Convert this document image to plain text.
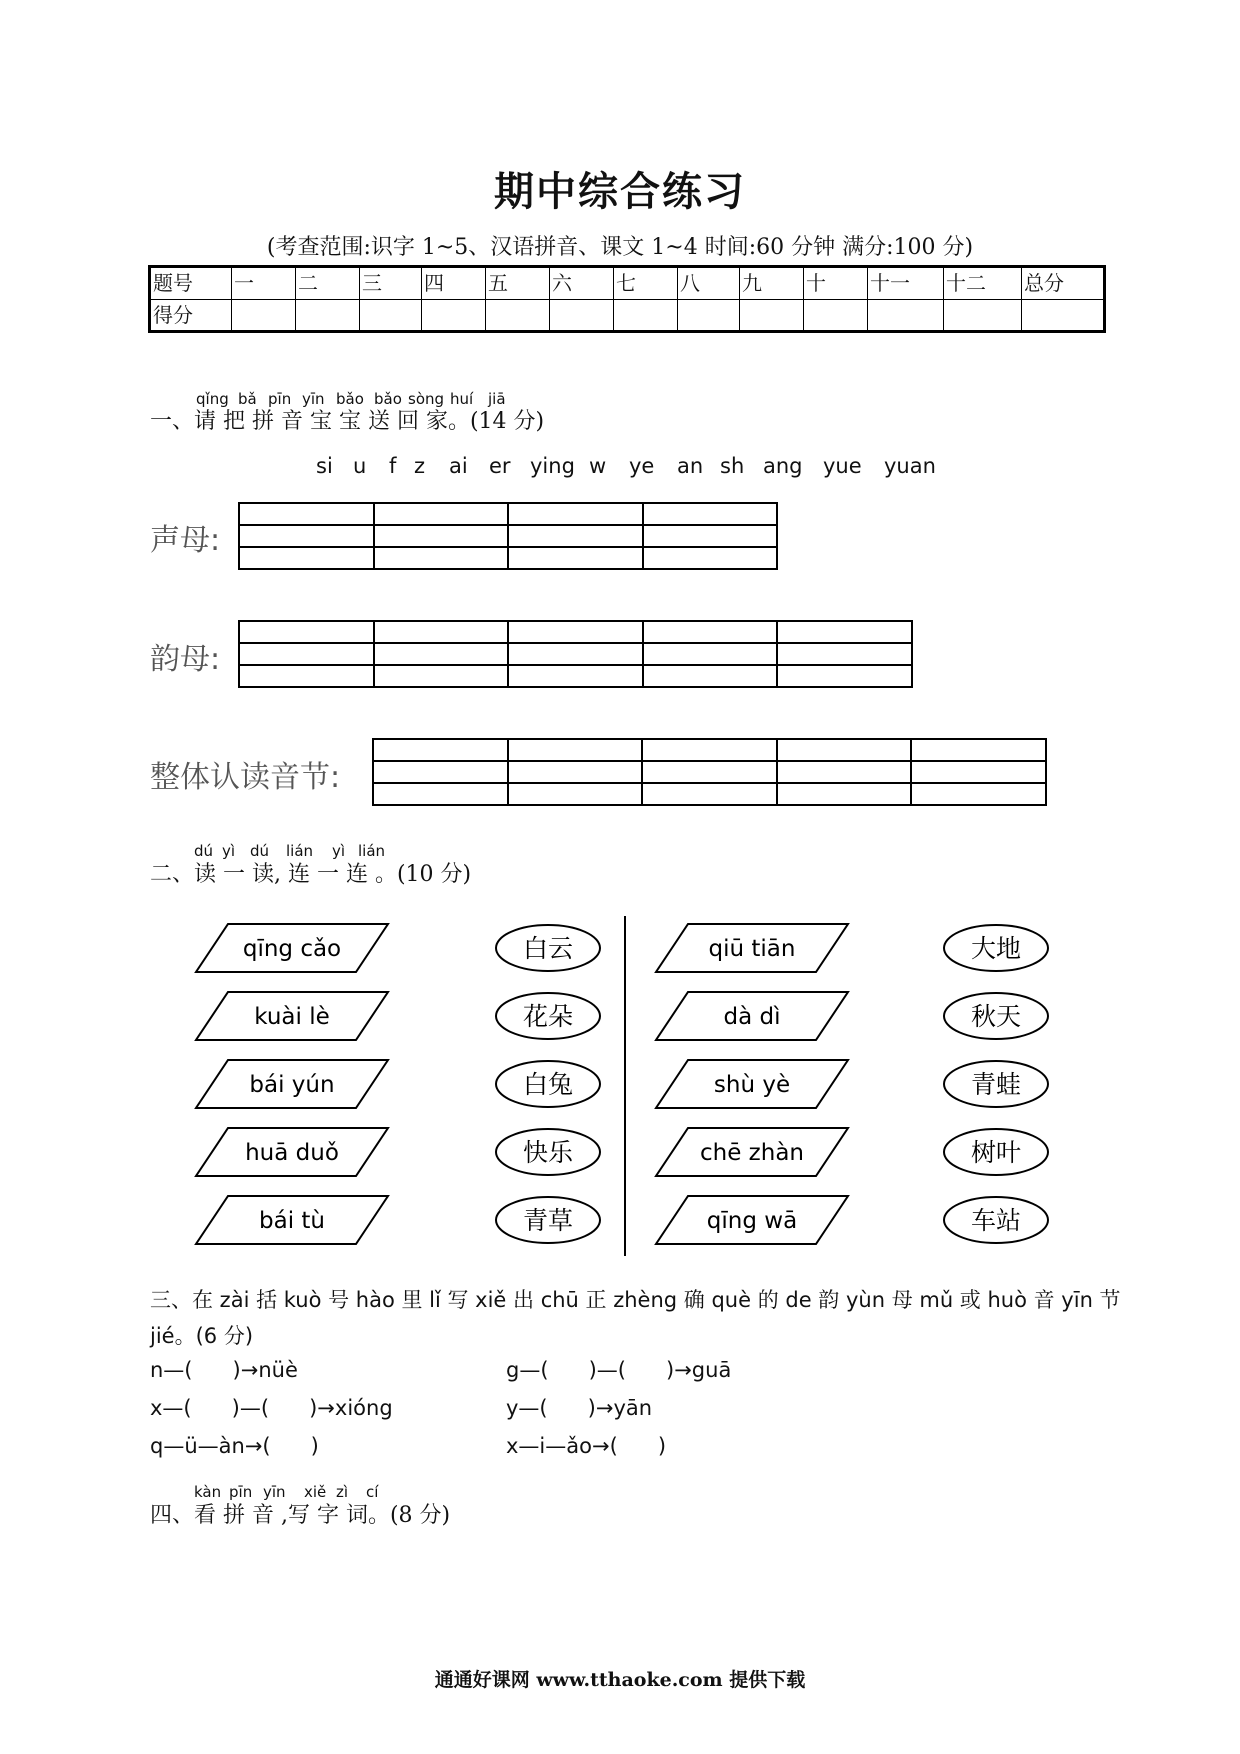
期中综合练习
(考查范围:识字 1~5、汉语拼音、课文 1~4 时间:60 分钟 满分:100 分)
题号	一	二	三	四	五	六	七	八	九	十	十一	十二	总分
得分													
qǐng bǎ pīn yīn bǎo bǎo sòng huí jiā
一、请 把 拼 音 宝 宝 送 回 家。(14 分)
si u f z ai er ying w ye an sh ang yue yuan
声母:

韵母:

整体认读音节:

dú yì dú lián yì lián
二、读 一 读, 连 一 连 。(10 分)
qīng cǎo
kuài lè
bái yún
huā duǒ
bái tù
白云
花朵
白兔
快乐
青草
qiū tiān
dà dì
shù yè
chē zhàn
qīng wā
大地
秋天
青蛙
树叶
车站
三、在 zài 括 kuò 号 hào 里 lǐ 写 xiě 出 chū 正 zhèng 确 què 的 de 韵 yùn 母 mǔ 或 huò 音 yīn 节
jié。(6 分)
n—(      )→nüè	g—(      )—(      )→guā
x—(      )—(      )→xióng	y—(      )→yān
q—ü—àn→(      )	x—i—ǎo→(      )
kàn pīn yīn xiě zì cí
四、看 拼 音 ,写 字 词。(8 分)
通通好课网 www.tthaoke.com 提供下载
